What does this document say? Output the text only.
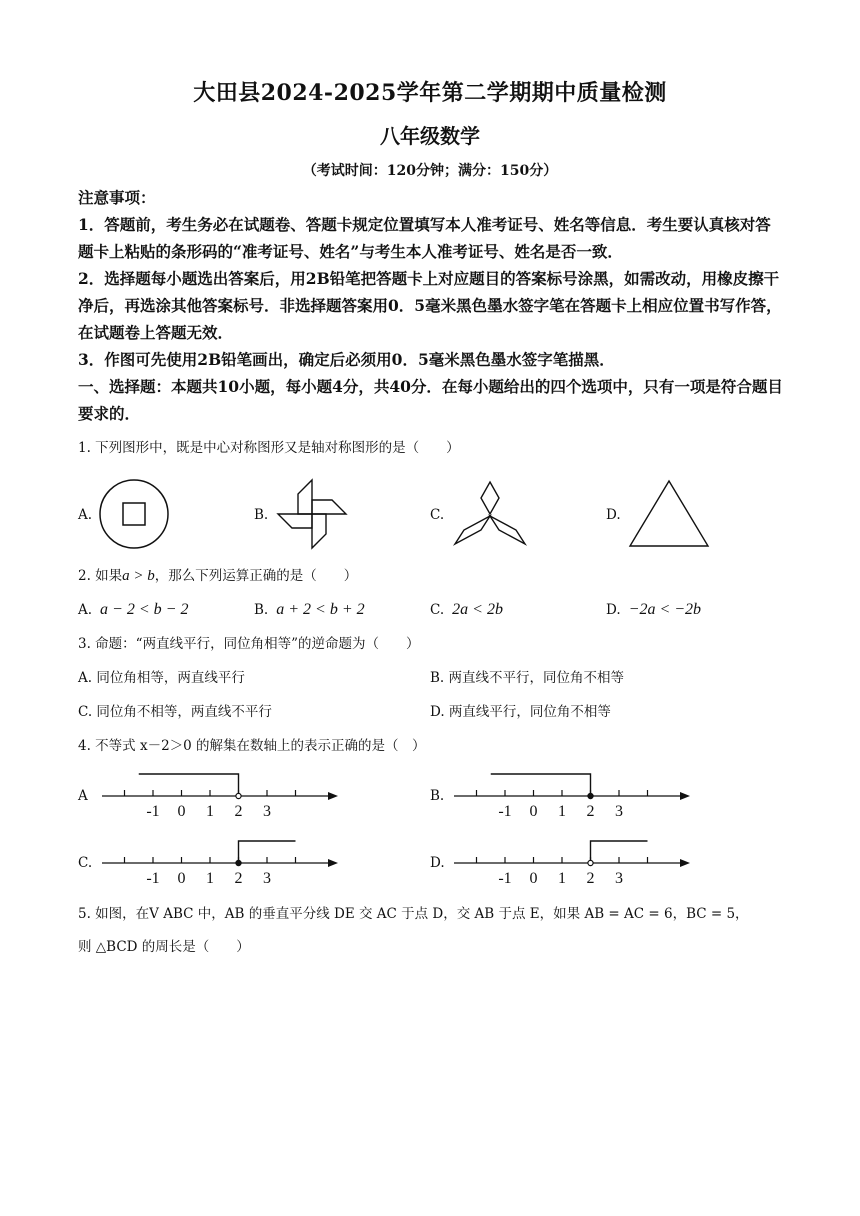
大田县2024-2025学年第二学期期中质量检测
八年级数学
（考试时间：120分钟；满分：150分）
注意事项：
1．答题前，考生务必在试题卷、答题卡规定位置填写本人准考证号、姓名等信息．考生要认真核对答题卡上粘贴的条形码的“准考证号、姓名”与考生本人准考证号、姓名是否一致．
2．选择题每小题选出答案后，用2B铅笔把答题卡上对应题目的答案标号涂黑，如需改动，用橡皮擦干净后，再选涂其他答案标号．非选择题答案用0．5毫米黑色墨水签字笔在答题卡上相应位置书写作答，在试题卷上答题无效．
3．作图可先使用2B铅笔画出，确定后必须用0．5毫米黑色墨水签字笔描黑．
一、选择题：本题共10小题，每小题4分，共40分．在每小题给出的四个选项中，只有一项是符合题目要求的．
1. 下列图形中，既是中心对称图形又是轴对称图形的是（　　）
A.	B.	C.	D.
2. 如果a > b，那么下列运算正确的是（　　）
A. a − 2 < b − 2	B. a + 2 < b + 2	C. 2a < 2b	D. −2a < −2b
3. 命题：“两直线平行，同位角相等”的逆命题为（　　）
A. 同位角相等，两直线平行	B. 两直线不平行，同位角不相等
C. 同位角不相等，两直线不平行	D. 两直线平行，同位角不相等
4. 不等式 x－2＞0 的解集在数轴上的表示正确的是（　）
A
-1 0 1 2 3
B.
-1 0 1 2 3
C.
-1 0 1 2 3
D.
-1 0 1 2 3
5. 如图，在V ABC 中，AB 的垂直平分线 DE 交 AC 于点 D，交 AB 于点 E，如果 AB = AC = 6，BC = 5，
则 △BCD 的周长是（　　）
